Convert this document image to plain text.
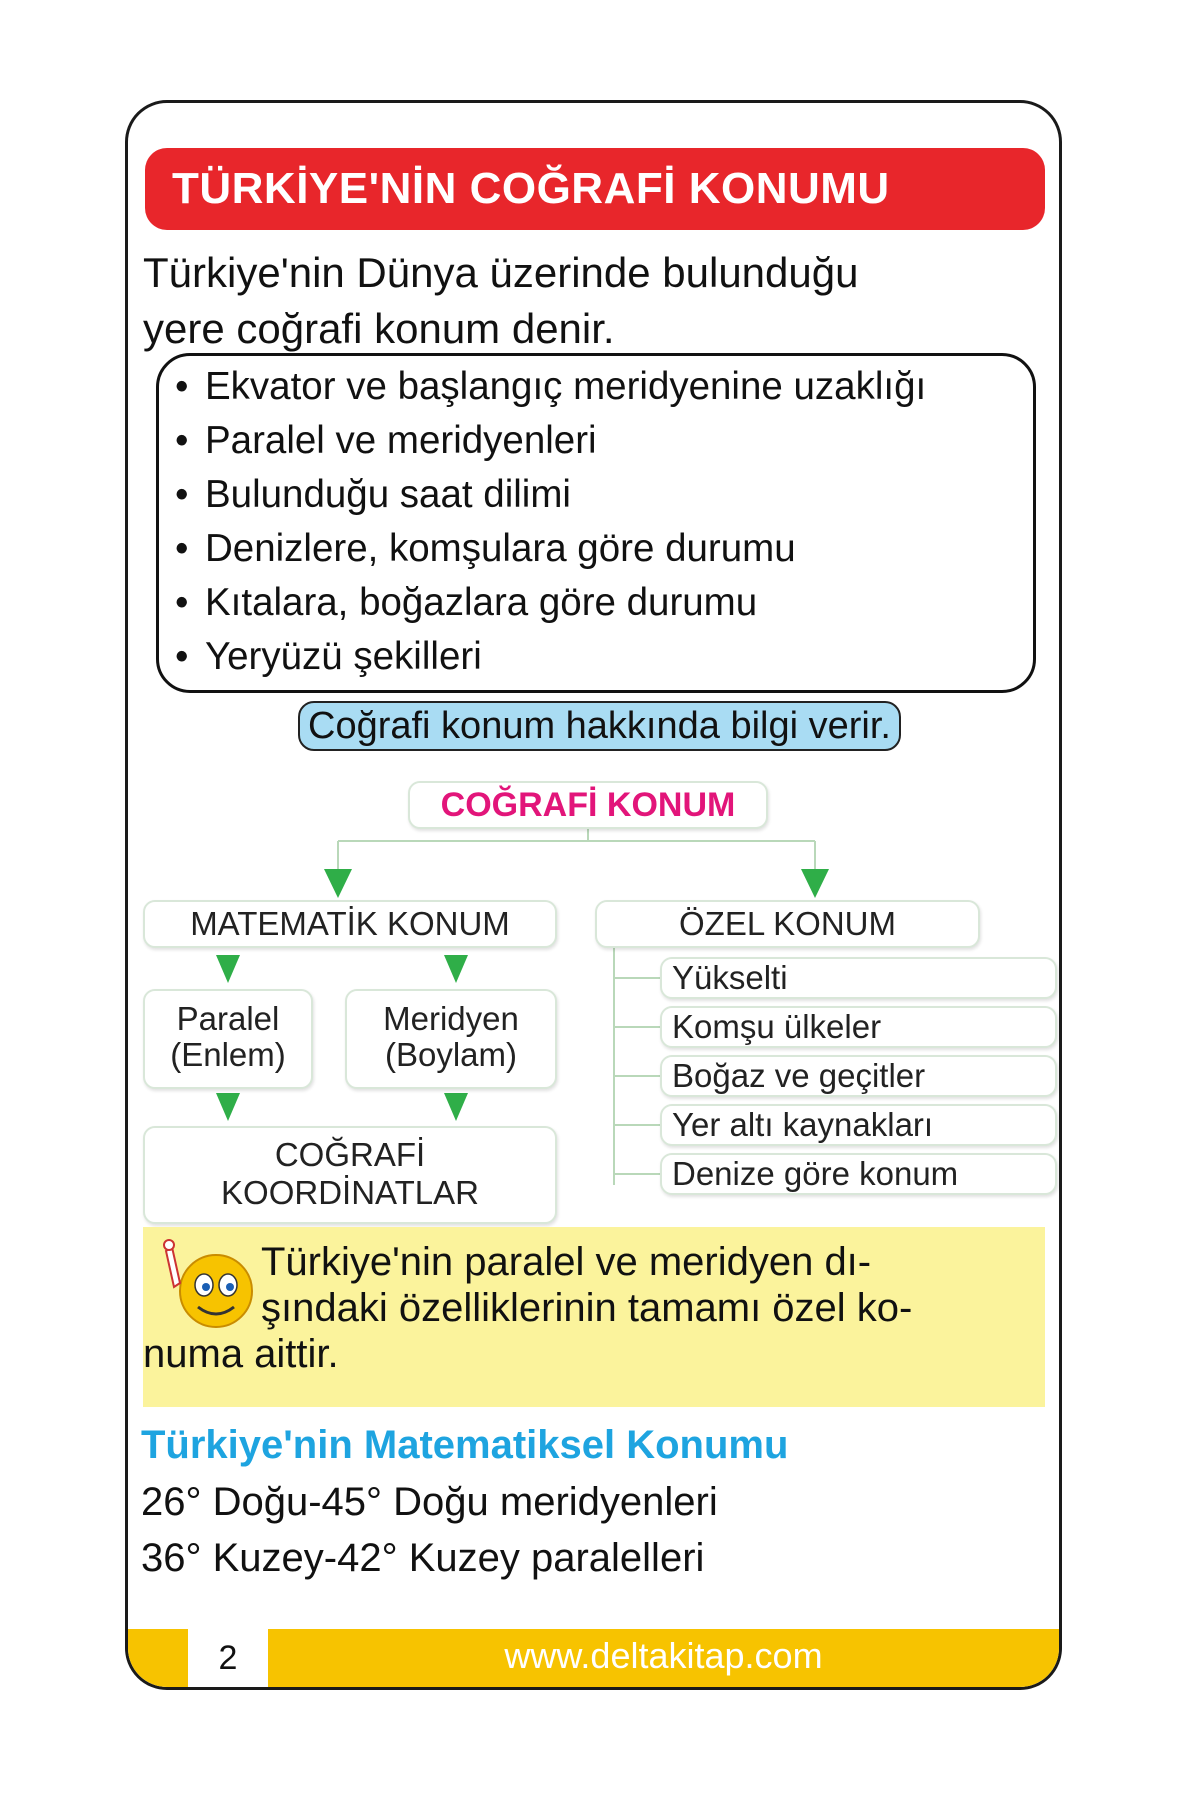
TÜRKİYE'NİN COĞRAFİ KONUMU
Türkiye'nin Dünya üzerinde bulunduğu
yere coğrafi konum denir.
• Ekvator ve başlangıç meridyenine uzaklığı
• Paralel ve meridyenleri
• Bulunduğu saat dilimi
• Denizlere, komşulara göre durumu
• Kıtalara, boğazlara göre durumu
• Yeryüzü şekilleri
Coğrafi konum hakkında bilgi verir.
COĞRAFİ KONUM
MATEMATİK KONUM	ÖZEL KONUM
Paralel
(Enlem)
Meridyen
(Boylam)
COĞRAFİ
KOORDİNATLAR
Yükselti
Komşu ülkeler
Boğaz ve geçitler
Yer altı kaynakları
Denize göre konum
Türkiye'nin paralel ve meridyen dı-
şındaki özelliklerinin tamamı özel ko-
numa aittir.
Türkiye'nin Matematiksel Konumu
26° Doğu-45° Doğu meridyenleri
36° Kuzey-42° Kuzey paralelleri
2	www.deltakitap.com
